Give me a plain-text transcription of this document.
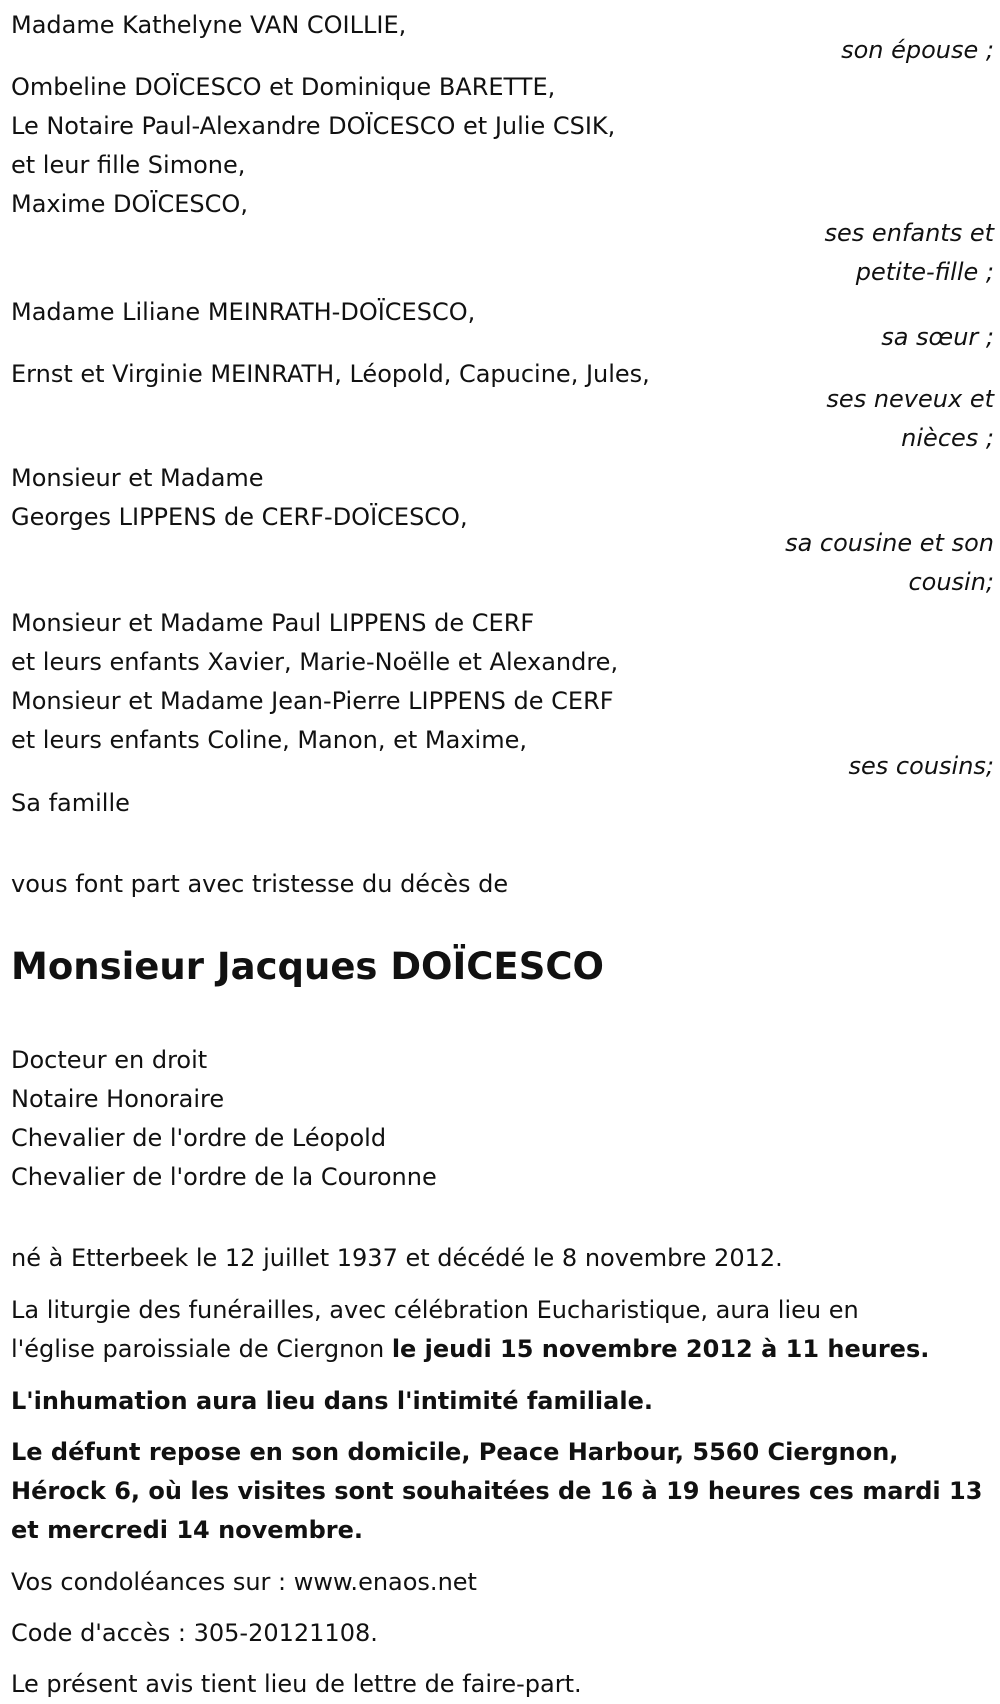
Madame Kathelyne VAN COILLIE,
son épouse ;
Ombeline DOÏCESCO et Dominique BARETTE,
Le Notaire Paul-Alexandre DOÏCESCO et Julie CSIK,
et leur fille Simone,
Maxime DOÏCESCO,
ses enfants et
petite-fille ;
Madame Liliane MEINRATH-DOÏCESCO,
sa sœur ;
Ernst et Virginie MEINRATH, Léopold, Capucine, Jules,
ses neveux et
nièces ;
Monsieur et Madame
Georges LIPPENS de CERF-DOÏCESCO,
sa cousine et son
cousin;
Monsieur et Madame Paul LIPPENS de CERF
et leurs enfants Xavier, Marie-Noëlle et Alexandre,
Monsieur et Madame Jean-Pierre LIPPENS de CERF
et leurs enfants Coline, Manon, et Maxime,
ses cousins;
Sa famille
vous font part avec tristesse du décès de
Monsieur Jacques DOÏCESCO
Docteur en droit
Notaire Honoraire
Chevalier de l'ordre de Léopold
Chevalier de l'ordre de la Couronne
né à Etterbeek le 12 juillet 1937 et décédé le 8 novembre 2012.
La liturgie des funérailles, avec célébration Eucharistique, aura lieu en
l'église paroissiale de Ciergnon le jeudi 15 novembre 2012 à 11 heures.
L'inhumation aura lieu dans l'intimité familiale.
Le défunt repose en son domicile, Peace Harbour, 5560 Ciergnon,
Hérock 6, où les visites sont souhaitées de 16 à 19 heures ces mardi 13
et mercredi 14 novembre.
Vos condoléances sur : www.enaos.net
Code d'accès : 305-20121108.
Le présent avis tient lieu de lettre de faire-part.
